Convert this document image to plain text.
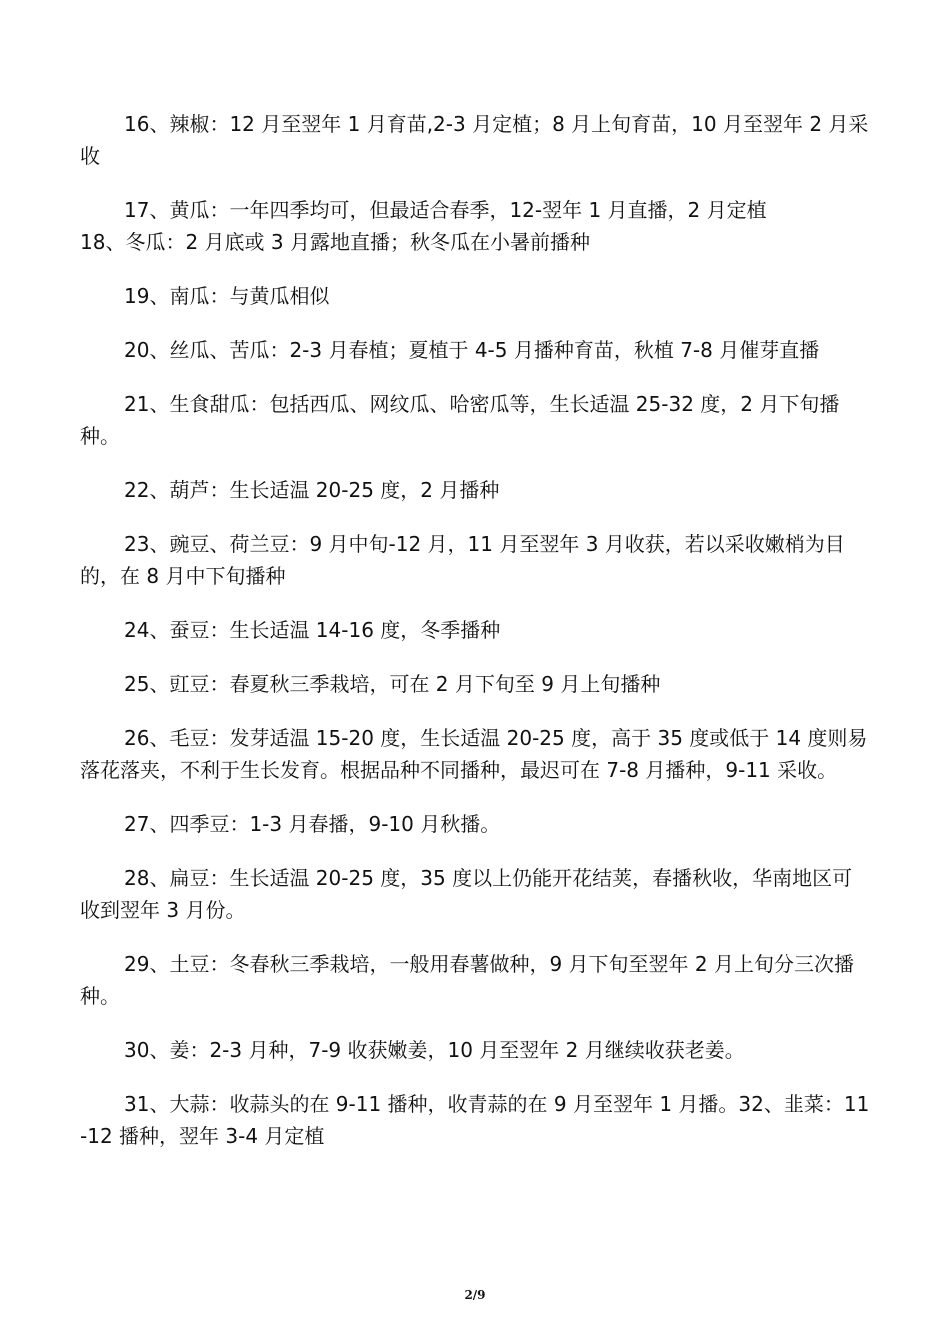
16、辣椒：12 月至翌年 1 月育苗,2-3 月定植；8 月上旬育苗，10 月至翌年 2 月采收

17、黄瓜：一年四季均可，但最适合春季，12-翌年 1 月直播，2 月定植

18、冬瓜：2 月底或 3 月露地直播；秋冬瓜在小暑前播种

19、南瓜：与黄瓜相似

20、丝瓜、苦瓜：2-3 月春植；夏植于 4-5 月播种育苗，秋植 7-8 月催芽直播

21、生食甜瓜：包括西瓜、网纹瓜、哈密瓜等，生长适温 25-32 度，2 月下旬播种。

22、葫芦：生长适温 20-25 度，2 月播种

23、豌豆、荷兰豆：9 月中旬-12 月，11 月至翌年 3 月收获，若以采收嫩梢为目的，在 8 月中下旬播种

24、蚕豆：生长适温 14-16 度，冬季播种

25、豇豆：春夏秋三季栽培，可在 2 月下旬至 9 月上旬播种

26、毛豆：发芽适温 15-20 度，生长适温 20-25 度，高于 35 度或低于 14 度则易落花落夹，不利于生长发育。根据品种不同播种，最迟可在 7-8 月播种，9-11 采收。

27、四季豆：1-3 月春播，9-10 月秋播。

28、扁豆：生长适温 20-25 度，35 度以上仍能开花结荚，春播秋收，华南地区可收到翌年 3 月份。

29、土豆：冬春秋三季栽培，一般用春薯做种，9 月下旬至翌年 2 月上旬分三次播种。

30、姜：2-3 月种，7-9 收获嫩姜，10 月至翌年 2 月继续收获老姜。

31、大蒜：收蒜头的在 9-11 播种，收青蒜的在 9 月至翌年 1 月播。32、韭菜：11-12 播种，翌年 3-4 月定植

2/9
